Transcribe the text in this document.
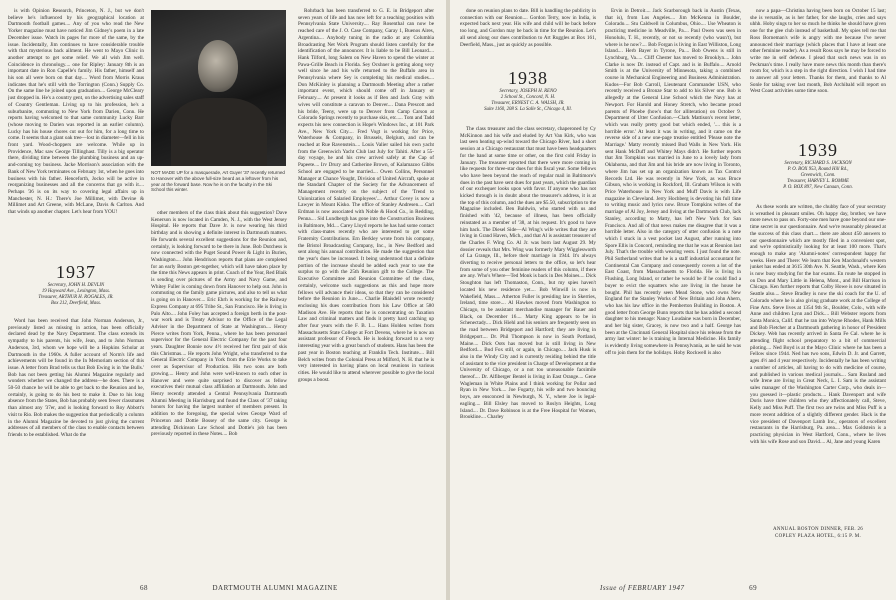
is with Opinion Research, Princeton, N. J., but we don't believe he's influenced by his geographical location at Dartmouth football games.... Any of you who read the New Yorker magazine must have noticed Jim Gidney's poem in a late December issue. Watch its pages for more of the same, by the issue. Incidentally, Jim continues to have considerable trouble with that mysterious back ailment. He went to Mayo Clinic in another attempt to get some relief. We all wish Jim well. Coincidence in chronology.... one for Ripley: January 8th is an important date in Ron Capelle's family. His father, himself and his son all were born on that day.... Word from Morris Kraus indicates that he's still with the Torrington (Conn.) Supply Co. On the same line he joined upon graduation.... George McCleary just dropped in. He's a country gent, on the advertising sales staff of Country Gentleman. Living up to his profession, he's a suburbanite, commuting to New York from Darien, Conn. He reports having welcomed to that same community Lucky Barr (whose moving to Darien was reported in an earlier column). Lucky has his house chores cut out for him, for a long time to come. It seems that a giant oak tree—lost in diameter—fell in his front yard. Wood-choppers are welcome. While up in Providence, Mac saw George Tillinghast. Tilly is a big operator there, dividing time between the plumbing business and an up-and-coming toy business. Jacke Morrison's association with the Bank of New York terminates on February 1st, when he goes into business with his father. Henceforth, Jocko will be active in reorganizing businesses and all the concerns that go with it.... Perhaps '36 is on its way to covering legal affairs up in Manchester, N. H.: There's Joe Millimet, with Devine & Millimet and Art Greene, with McLane, Davis & Carlton. And that winds up another chapter. Let's hear from YOU!

1937
Secretary, JOHN H. DEVLIN
19 Hayward Ave., Lexington, Mass.
Treasurer, ARTHUR H. ROGALES, JR.
Box 212, Deerfield, Mass.

Word has been received that John Norman Anderson, Jr., previously listed as missing in action, has been officially declared dead by the Navy Department. The class extends its sympathy to his parents, his wife, Jean, and to John Norman Anderson, 3rd, whom we hope will be a Hopkins Scholar at Dartmouth in the 1960s. A fuller account of Norm's life and achievements will be found in the In Memoriam section of this issue. A letter from Brad tells us that Bob Ewing is in 'the Bulls.' Bob has not been getting his Alumni Magazine regularly and wonders whether we changed the address—he does. There is a 50-50 chance he will be able to get back to the Reunion and he, certainly, is going to do his best to make it. Due to his long absence from the States, Bob has probably seen fewer classmates than almost any '37er, and is looking forward to Roy Abbott's visit to Rio. Bob makes the suggestion that periodically a column in the Alumni Magazine be devoted to just giving the current addresses of all members of the class to enable contacts between friends to be established. What do the

NOT MADE UP for a masquerade, Art Guyer '37 recently returned to Hanover with the above full-size beard as a leftover from his year at the forward base. Now he is on the faculty in the Ski School this winter.

other members of the class think about this suggestion? Dave Kenerson is now located in Camden, N. J., with the West Jersey Hospital. He reports that Dave Jr. is now wearing his third birthday and is showing a definite interest in Dartmouth matters. He forwards several excellent suggestions for the Reunion and, certainly, is looking forward to be there in June. Bob Dutchess is now connected with the Puget Sound Power & Light in Burien, Washington.... John Hendrixon reports that plans are completed for an early Boston get-together, which will have taken place by the time this News appears in print. Coach of the Year, Red Blaik is sending over pictures of the Army and Navy Game, and Whitey Fuller is coming down from Hanover to help out. John in commuting on the family game pictures, and also to tell us what is going on in Hanover.... Eric Ehrh is working for the Railway Express Company at 695 Tribe St., San Francisco. He is living in Palo Alto.... John Foley has accepted a foreign berth in the post-war work and is Treaty Advisor to the Office of the Legal Adviser in the Department of State at Washington.... Henry Pierce writes from York, Penna., where he has been personnel supervisor for the General Electric Company for the past four years. Daughter Bonnie now 4½ received her first pair of skis this Christmas.... He reports John Wright, who transferred to the General Electric Company in York from the Erie Works to take over as Supervisor of Production. His two sons are both growing.... Henry and John were well-known to each other in Hanover and were quite surprised to discover as fellow executives their mutual class affiliation at Dartmouth. John and Henry recently attended a Central Pennsylvania Dartmouth Alumni Meeting in Harrisburg and found the Class of '37 taking honors for having the largest number of members present. In addition to the foregoing, the special wires George Ward of Princeton and Dottie Bossey of the same city. George is attending Dickinson Law School and Dottie's job has been previously reported in these Notes.... Bob

Rohrbach has been transferred to G. E. in Bridgeport after seven years of life and has now left for a teaching position with Pennsylvania State University.... Ray Rosenthal can now be reached care of the J. O. Case Company, Garay 1, Buenos Aires, Argentina.... Anybody tuning in the radio at any Columbia Broadcasting Net Work Program should listen carefully for the identification of the announcer. It is liable to be Bill Leonard.... Hank Tilford, long Salem on New Haven to spend the winter at Pawa-Grille Beach in Florida. Sey Ocshner is getting along very well since he and his wife returned to the Buffalo area in Pennsylvania where Sey is completing his medical studies.... Don McKinley is planning a Dartmouth Meeting after a rather important event, which should come off in January or February.... At present it looks as if Ben and Jack Gray with wives will constitute a caravan to Denver.... Dana Prescott and his bride, Teeny, were up to Denver from Camp Carson at Colorado Springs recently to purchase skis, etc..... Tom and Tadd expects his new connection is Hope's Windows Inc., at 101 Park Ave., New York City.... Fred Vogt is working for Price, Waterhouse & Company, in Brussels, Belgium, and can be reached at Rue Ravenstein.... Louis Valier sailed his own yacht from the Greenwich Yacht Club last July for Tahiti. After a 55-day voyage, he and his crew arrived safely at the Cap of Papeete.... Irv Drury and Catherine Brown, of Kalamazoo Gibbs School are engaged to be married.... Owen Collins, Personnel Manager at Chance Vought, Division of United Aircraft, spoke at the Standard Chapter of the Society for the Advancement of Management recently on the subject of the 'Trend to Unionization of Salaried Employees'.... Arthur Covey is now a Lawyer in Mount Kisko. The office of Stanley Andresen.... Carl Erdman is now associated with Noble & Hood Co., in Redding, Penna.... Sid Lundbergh has gone into the Construction Business in Baltimore, Md.... Carey Lloyd reports he has had some contact with class-mates recently who are interested to get some Fraternity Contributions. Ern Berkley wrote from his company, the Bristol Broadcasting Company, Inc., in New Bedford and sent along his annual contribution. He made the suggestion that the year's dues be increased. It being understood that a definite portion of the increase should be added each year to use the surplus to go with the 25th Reunion gift to the College. The Executive Committee and Reunion Committee of the class, certainly, welcome such suggestions as this and hope more fellows will advance their ideas, so that they can be considered before the Reunion in June.... Charlie Blaisdell wrote recently enclosing his dues contribution from his Law Office at 580 Madison Ave. He reports that he is concentrating on Taxation Law and criminal matters and finds it pretty hard catching up after four years with the F. B. I.... Hans Holden writes from Massachusetts State College at Fort Devens, where he is now an assistant professor of French. He is looking forward to a very interesting year with a great bunch of students. Hans has been the past year in Boston teaching at Franklin Tech. Institute.... Bill Belch writes from the Colonial Press at Milford, N. H. that he is very interested in having plans on local reunions in various cities. He would like to attend wherever possible to give the local groups a boost.

68	DARTMOUTH ALUMNI MAGAZINE

done on reunion plans to date. Bill is handling the publicity in connection with our Reunion.... Gordon Terry, now in India, is expected back next year. His wife and child will be back before too long, and Gordon may be back in time for the Reunion. Let's all send along our dues contribution to Art Ruggles at Box 161, Deerfield, Mass., just as quickly as possible.

1938
Secretary, JOSEPH H. RENO
2 School St., Concord, N. H.
Treasurer, ERNEST C. A. WALSH, JR.
Suite 1160, 208 S. La Salle St., Chicago 4, Ill.

The class treasurer and the class secretary, chaperoned by Cy McKinnon and his wife and eluded by Art Van Kirk, who was last seen heating up-wind toward the Chicago River, had a short session at a Chicago restaurant that must have been headquarters for the band at some time or other, on the first cold Friday in January. The treasurer reported that there were more coming in like requests for three-star dues for this fiscal year. Some fellows who have been beyond the reach of regular mail in Baltimore's dues in the past have sent dues for past years, which the guardian of our exchequer looks upon with favor. If anyone who has not kicked through is in doubt about the treasurer's address, it is at the top of this column, and the dues are $5.50, subscription to the Magazine included. Ben Baldwin, who started with us and finished with '42, because of illness, has been officially reinstated as a member of '38, at his request. It's good to have him back. The Diesel Side—Al Wing's wife writes that they are living in Grand Haven, Mich., and that Al is assistant treasurer of the Charles F. Wing Co. Al Jr. was born last August 29. My dossier reveals that Mrs. Wing was formerly Mary Wigglesworth of La Grange, Ill., before their marriage in 1944. It's always diverting to receive personal letters to the office, so let's hear from some of you other feminine readers of this column, if there are any. Who's Where—Ted Monk is back in Des Moines.... Dick Stoughton has left Thomaston, Conn., but my spies haven't located his new residence yet.... Bob Winwill is now in Wakefield, Mass.... Atherton Fuller is presiding law in Skerries, Ireland, time store.... Al Hawkes moved from Washington to Chicago, to be assistant merchandise manager for Bauer and Black, on December 16.... Marty King appears to be in Schenectady.... Dick Hiehl and his seniors are frequently seen on the road between Bridgeport and Hartford; they are living in Bridgeport.... Dr. Phil Thompson is now in South Portland, Maine.... Dick Oots has moved but is still living in New Bedford.... Bud Fox still, or again, in Chicago.... Jack Husk is also in the Windy City and is currently residing behind the title of assistant to the vice president in Charge of Development at the University of Chicago, or a not too unreasonable facsimile thereof.... Dr. Alfiberger Bentel is living in East Orange.... Gene Wagleman in White Plains and I think working for Pollar and Ryan in New York.... Joe Fogarty, his wife and two bouncing boys, are ensconced in Newburgh, N. Y., where Joe is legal-eagling.... Bill Elsley has moved to Roslyn Heights, Long Island.... Dr. Dave Robinson is at the Free Hospital for Women, Brookline.... Charley

Ervin in Detroit.... Jack Scarborough back in Austin (Texas, that is), from Los Angeles.... Jim McKenna in Boulder, Colorado.... Stu Caldwell in Columbus, Ohio.... Use Wheaton is practicing medicine in Meadville, Pa.... Paul Owen was seen in Honolulu, T. H., recently, or not so recently (who wasn't), but where is he now?.... Bob Forgan is living in East Williston, Long Island.... Herb Bayer in Tyrone, Pa.... Bob Owens is still in Lynchburg, Va..... Cliff Chester has moved to Brooklyn.... John Clarke is now Dr. instead of Capt. and is in Buffalo.... Arnold Smith is at the University of Minnesota, taking a combined course in Mechanical Engineering and Business Administration. Kudos—For Bob Carroll, Lieutenant Commander USN, who recently received a Bronze Star to add to his Silver one. Bob is allegedly at the General Line School which the Navy has at Newport. For Harold and Honey Stretch, who became proud parents of Phoebe (how's that for alliteration) on October 9. Department of Utter Confusion.—Clark Mattison's recent letter, which was really pretty good but which ended, '.... this is a horrible error.' At least it was in writing, and it came on the reverse side of a new one-page treatise entitled 'Please note the Marriage.' Matty recently missed Bud Walls in New York. His sent Hank McDuff and Whitey Mays didn't. He further reports that Jim Tompkins was married in June to a lovely lady from Oklahoma, and that Jim and his bride are now living in Toronto, where Jim has set up an organization known as Tax Control Records Ltd. He was recently in New York, as was Bruce Gibson, who is working in Rockford, Ill. Graham Wilson is with Price Waterhouse in New York and Muff Davis is with Life magazine in Cleveland. Jerry Hochberg is devoting his full time to writing music and lyrics now. Bruce Tompkins writes of the marriage of Al Joy, Jersey and living at the Dartmouth Club, lack Stanley, according to Matty, has left New York for San Francisco. And all of that news makes me disagree that it was a horrible letter. Also in the category of utter confusion is a note which I stuck in a vest pocket last August, after running into Spore Ellis in Concord, reminding me that he was at Reunion last July. That's the trouble with wearing vests. I just found the note. Phil Sutherland writes that he is a staff industrial accountant for Continental Can Company and consequently covers a lot of the East Coast, from Massachusetts to Florida. He is living in Flushing, Long Island, or rather he would be if he could find a buyer to evict the squatters who are living in the house he bought. Phil has recently seen Mead Stone, who owns New England for the Stanley Works of New Britain and John Ahern, who has his law office in the Pemberton Building in Boston. A good letter from George Bunn reports that he has added a second daughter to his menage: Nancy Loudaine was born in December, and her big sister, Gracey, is now two and a half. George has been at the Cincinnati General Hospital since his release from the army last winter: he is training in Internal Medicine. His family is evidently living somewhere in Pennsylvania, as he said he was off to join them for the holidays. Hoby Rockwell is also

now a papa—Christina having been born on October 15 last; she is versatile, as is her father, for she laughs, cries and says uhhh. Hoby sings to her so much he thinks he should have given one for the glee club instead of basketball. My spies tell me that Ross Borneman's wife is angry with me because I've never announced their marriage (which places that I have at least one other feminine reader). As a result Ross says he may be forced to write me in self defense. I plead that such news was in on Peckman's time. I really have more news this month than there's room for, which is a step in the right direction. I wish I had time to answer all your letters. Thanks for them, and thanks to Al Sonle for taking over last month, Bob Archibald will report on West Coast activities some time soon.

1939
Secretary, RICHARD S. JACKSON
P. O. BOX 953, Round Hill Rd.,
Greenwich, Conn.
Treasurer, HARVEY L. ROMME
P. O. BOX 897, New Canaan, Conn.

As these words are written, the chubby face of your secretary is wreathed in pleasant smiles. Oh happy day, brother, we have more news to pass on. Forty-one men have gone beyond our one-time secret in our questionnaire. And we're reasonably pleased at the success of this class chart.... there are about 450 answers to our questionnaire which are mostly filed in a convenient spot, and we're optimistically looking for at least 100 more. That's enough to make any 'Alumni-notes' correspondent happy for weeks. Here and There: We learn that Ken Macdonald's western junket has ended at 3615 30th Ave. N. Seattle, Wash., where Ken is now busy studying for the bar exams. En route he stopped in on Don and Mary Little in Helena, Mont., and Bill Harrison in Chicago. Ken further reports that Colby Howe is now situated in Seattle also.... Steve Bradley is now the ski coach for the U. of Colorado where he is also giving graduate work at the College of Fine Arts. Steve lives at 1354 9th St., Boulder, Colo., with wife Anne and children Lynn and Dick.... Bill Webster reports from Santa Monica, Calif. that he ran into Wayne Rhodes, Hank Mills and Bob Fletcher at a Dartmouth gathering in honor of President Dickey. Web has recently arrived in Santa Fe Cal. where he is attending flight school preparatory to a bit of commercial piloting.... Ned Boyd is at the Mayo Clinic where he has been a Fellow since 1944. Ned has two sons, Edwin D. Jr. and Garrett, ages 4½ and 4 year respectively. Incidentally he has been writing a number of articles, all having to do with medicine of course, and published in various medical journals.... Sam Rusland and wife Irene are living in Great Neck, L. I. Sam is the assistant sales manager of the Washington Carter Corp., who deals in—you guessed it—plastic products.... Hank Davenport and wife Doris have three children who they affectionately call, Steve, Kelly and Miss Puff. The first two are twins and Miss Puff is a more recent addition of a slightly different gender. Hack is the vice president of Davenport Lamb Inc., operators of excellent restaurants in the Harrisburg, Pa. area.... Max Goldstein is a practicing physician in West Hartford, Conn., where he lives with his wife Rose and son David.... Al, Jane and young Karen

ANNUAL BOSTON DINNER, FEB. 26
COPLEY PLAZA HOTEL, 6:15 P. M.
Issue of FEBRUARY 1947	69
